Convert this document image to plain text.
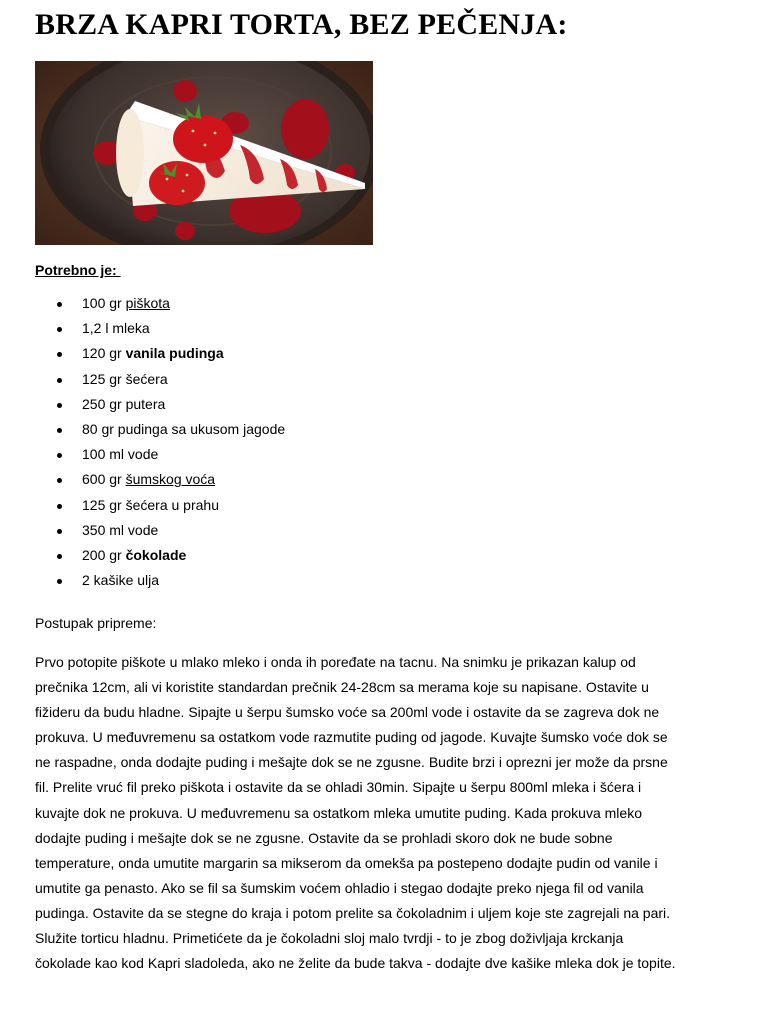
BRZA KAPRI TORTA, BEZ PEČENJA:
Potrebno je:
100 gr piškota
1,2 l mleka
120 gr vanila pudinga
125 gr šećera
250 gr putera
80 gr pudinga sa ukusom jagode
100 ml vode
600 gr šumskog voća
125 gr šećera u prahu
350 ml vode
200 gr čokolade
2 kašike ulja
Postupak pripreme:

Prvo potopite piškote u mlako mleko i onda ih poređate na tacnu. Na snimku je prikazan kalup od
prečnika 12cm, ali vi koristite standardan prečnik 24-28cm sa merama koje su napisane. Ostavite u
fižideru da budu hladne. Sipajte u šerpu šumsko voće sa 200ml vode i ostavite da se zagreva dok ne
prokuva. U međuvremenu sa ostatkom vode razmutite puding od jagode. Kuvajte šumsko voće dok se
ne raspadne, onda dodajte puding i mešajte dok se ne zgusne. Budite brzi i oprezni jer može da prsne
fil. Prelite vruć fil preko piškota i ostavite da se ohladi 30min. Sipajte u šerpu 800ml mleka i šćera i
kuvajte dok ne prokuva. U međuvremenu sa ostatkom mleka umutite puding. Kada prokuva mleko
dodajte puding i mešajte dok se ne zgusne. Ostavite da se prohladi skoro dok ne bude sobne
temperature, onda umutite margarin sa mikserom da omekša pa postepeno dodajte pudin od vanile i
umutite ga penasto. Ako se fil sa šumskim voćem ohladio i stegao dodajte preko njega fil od vanila
pudinga. Ostavite da se stegne do kraja i potom prelite sa čokoladnim i uljem koje ste zagrejali na pari.
Služite torticu hladnu. Primetićete da je čokoladni sloj malo tvrdji - to je zbog doživljaja krckanja
čokolade kao kod Kapri sladoleda, ako ne želite da bude takva - dodajte dve kašike mleka dok je topite.
